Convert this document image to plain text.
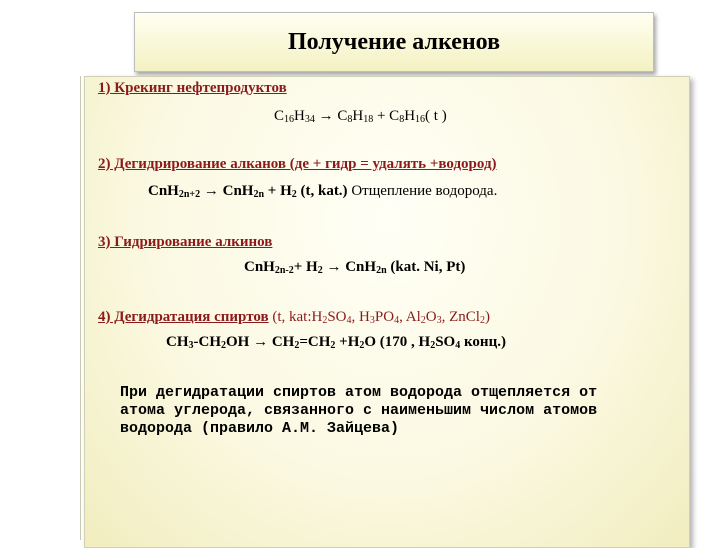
Получение алкенов
1) Крекинг нефтепродуктов
$C_{16}H_{34} \to C_8H_{18} + C_8H_{16}$( t )
2) Дегидрирование алканов (де + гидр = удалять +водород)
$CnH_{2n+2} \to CnH_{2n} + H_2$ (t, kat.) Отщепление водорода.
3) Гидрирование алкинов
$CnH_{2n-2}+ H_2 \to CnH_{2n}$ (kat. Ni, Pt)
4) Дегидратация спиртов (t, $kat:H_2SO_4$, $H_3PO_4$, $Al_2O_3$, ZnCl$_2$)
$CH_3-CH_2OH \to CH_2=CH_2 +H_2O$ (170 , $H_2SO_4$ конц.)
При дегидратации спиртов атом водорода отщепляется от
атома углерода, связанного с наименьшим числом атомов
водорода (правило А.М. Зайцева)
